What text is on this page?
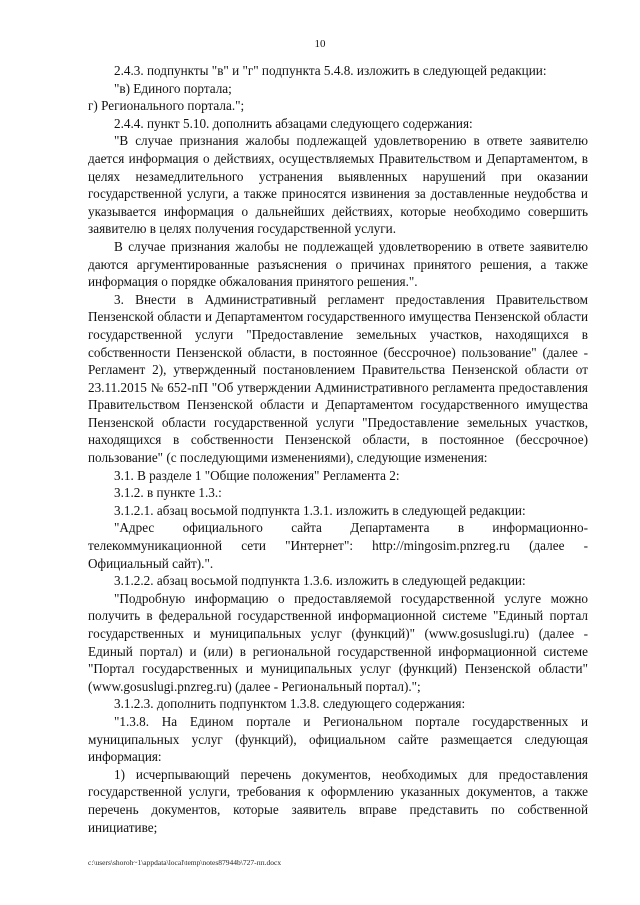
10

2.4.3. подпункты "в" и "г" подпункта 5.4.8. изложить в следующей редакции:

"в) Единого портала;

г) Регионального портала.";

2.4.4. пункт 5.10. дополнить абзацами следующего содержания:

"В случае признания жалобы подлежащей удовлетворению в ответе заявителю дается информация о действиях, осуществляемых Правительством и Департаментом, в целях незамедлительного устранения выявленных нарушений при оказании государственной услуги, а также приносятся извинения за доставленные неудобства и указывается информация о дальнейших действиях, которые необходимо совершить заявителю в целях получения государственной услуги.

В случае признания жалобы не подлежащей удовлетворению в ответе заявителю даются аргументированные разъяснения о причинах принятого решения, а также информация о порядке обжалования принятого решения.".

3. Внести в Административный регламент предоставления Правительством Пензенской области и Департаментом государственного имущества Пензенской области государственной услуги "Предоставление земельных участков, находящихся в собственности Пензенской области, в постоянное (бессрочное) пользование" (далее - Регламент 2), утвержденный постановлением Правительства Пензенской области от 23.11.2015 № 652-пП "Об утверждении Административного регламента предоставления Правительством Пензенской области и Департаментом государственного имущества Пензенской области государственной услуги "Предоставление земельных участков, находящихся в собственности Пензенской области, в постоянное (бессрочное) пользование" (с последующими изменениями), следующие изменения:

3.1. В разделе 1 "Общие положения" Регламента 2:

3.1.2. в пункте 1.3.:

3.1.2.1. абзац восьмой подпункта 1.3.1. изложить в следующей редакции:

"Адрес официального сайта Департамента в информационно-телекоммуникационной сети "Интернет": http://mingosim.pnzreg.ru (далее - Официальный сайт).".

3.1.2.2. абзац восьмой подпункта 1.3.6. изложить в следующей редакции:

"Подробную информацию о предоставляемой государственной услуге можно получить в федеральной государственной информационной системе "Единый портал государственных и муниципальных услуг (функций)" (www.gosuslugi.ru) (далее - Единый портал) и (или) в региональной государственной информационной системе "Портал государственных и муниципальных услуг (функций) Пензенской области" (www.gosuslugi.pnzreg.ru) (далее - Региональный портал).";

3.1.2.3. дополнить подпунктом 1.3.8. следующего содержания:

"1.3.8. На Едином портале и Региональном портале государственных и муниципальных услуг (функций), официальном сайте размещается следующая информация:

1) исчерпывающий перечень документов, необходимых для предоставления государственной услуги, требования к оформлению указанных документов, а также перечень документов, которые заявитель вправе представить по собственной инициативе;

c:\users\shoroh~1\appdata\local\temp\notes87944b\727-пп.docx
